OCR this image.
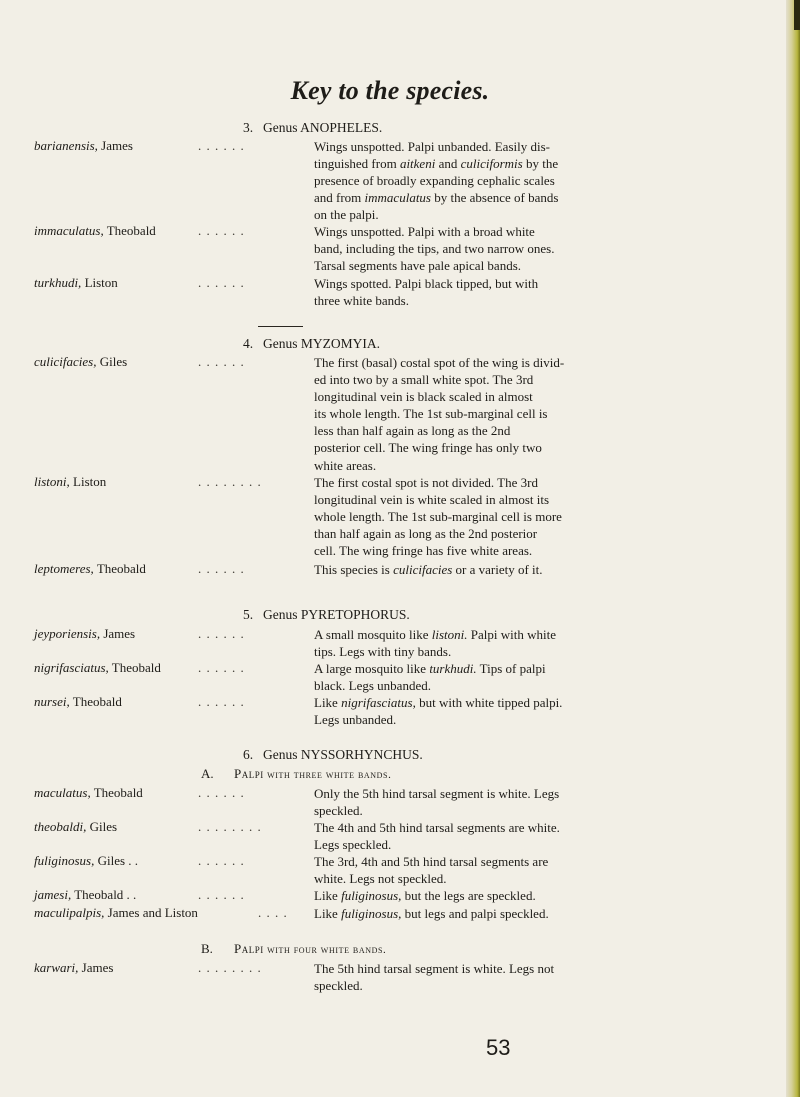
Key to the species.
3. Genus ANOPHELES.
barianensis, James	. . . . . .	Wings unspotted. Palpi unbanded. Easily dis-
tinguished from aitkeni and culiciformis by the
presence of broadly expanding cephalic scales
and from immaculatus by the absence of bands
on the palpi.
immaculatus, Theobald	. . . . . .	Wings unspotted. Palpi with a broad white
band, including the tips, and two narrow ones.
Tarsal segments have pale apical bands.
turkhudi, Liston	. . . . . .	Wings spotted. Palpi black tipped, but with
three white bands.
4. Genus MYZOMYIA.
culicifacies, Giles	. . . . . .	The first (basal) costal spot of the wing is divid-
ed into two by a small white spot. The 3rd
longitudinal vein is black scaled in almost
its whole length. The 1st sub-marginal cell is
less than half again as long as the 2nd
posterior cell. The wing fringe has only two
white areas.
listoni, Liston	. . . . . . . .	The first costal spot is not divided. The 3rd
longitudinal vein is white scaled in almost its
whole length. The 1st sub-marginal cell is more
than half again as long as the 2nd posterior
cell. The wing fringe has five white areas.
leptomeres, Theobald	. . . . . .	This species is culicifacies or a variety of it.
5. Genus PYRETOPHORUS.
jeyporiensis, James	. . . . . .	A small mosquito like listoni. Palpi with white
tips. Legs with tiny bands.
nigrifasciatus, Theobald	. . . . . .	A large mosquito like turkhudi. Tips of palpi
black. Legs unbanded.
nursei, Theobald	. . . . . .	Like nigrifasciatus, but with white tipped palpi.
Legs unbanded.
6. Genus NYSSORHYNCHUS.
A. Palpi with three white bands.
maculatus, Theobald	. . . . . .	Only the 5th hind tarsal segment is white. Legs
speckled.
theobaldi, Giles	. . . . . . . .	The 4th and 5th hind tarsal segments are white.
Legs speckled.
fuliginosus, Giles . .	. . . . . .	The 3rd, 4th and 5th hind tarsal segments are
white. Legs not speckled.
jamesi, Theobald . .	. . . . . .	Like fuliginosus, but the legs are speckled.
maculipalpis, James and Liston	. . . . Like fuliginosus, but legs and palpi speckled.
B. Palpi with four white bands.
karwari, James	. . . . . . . .	The 5th hind tarsal segment is white. Legs not
speckled.
53
